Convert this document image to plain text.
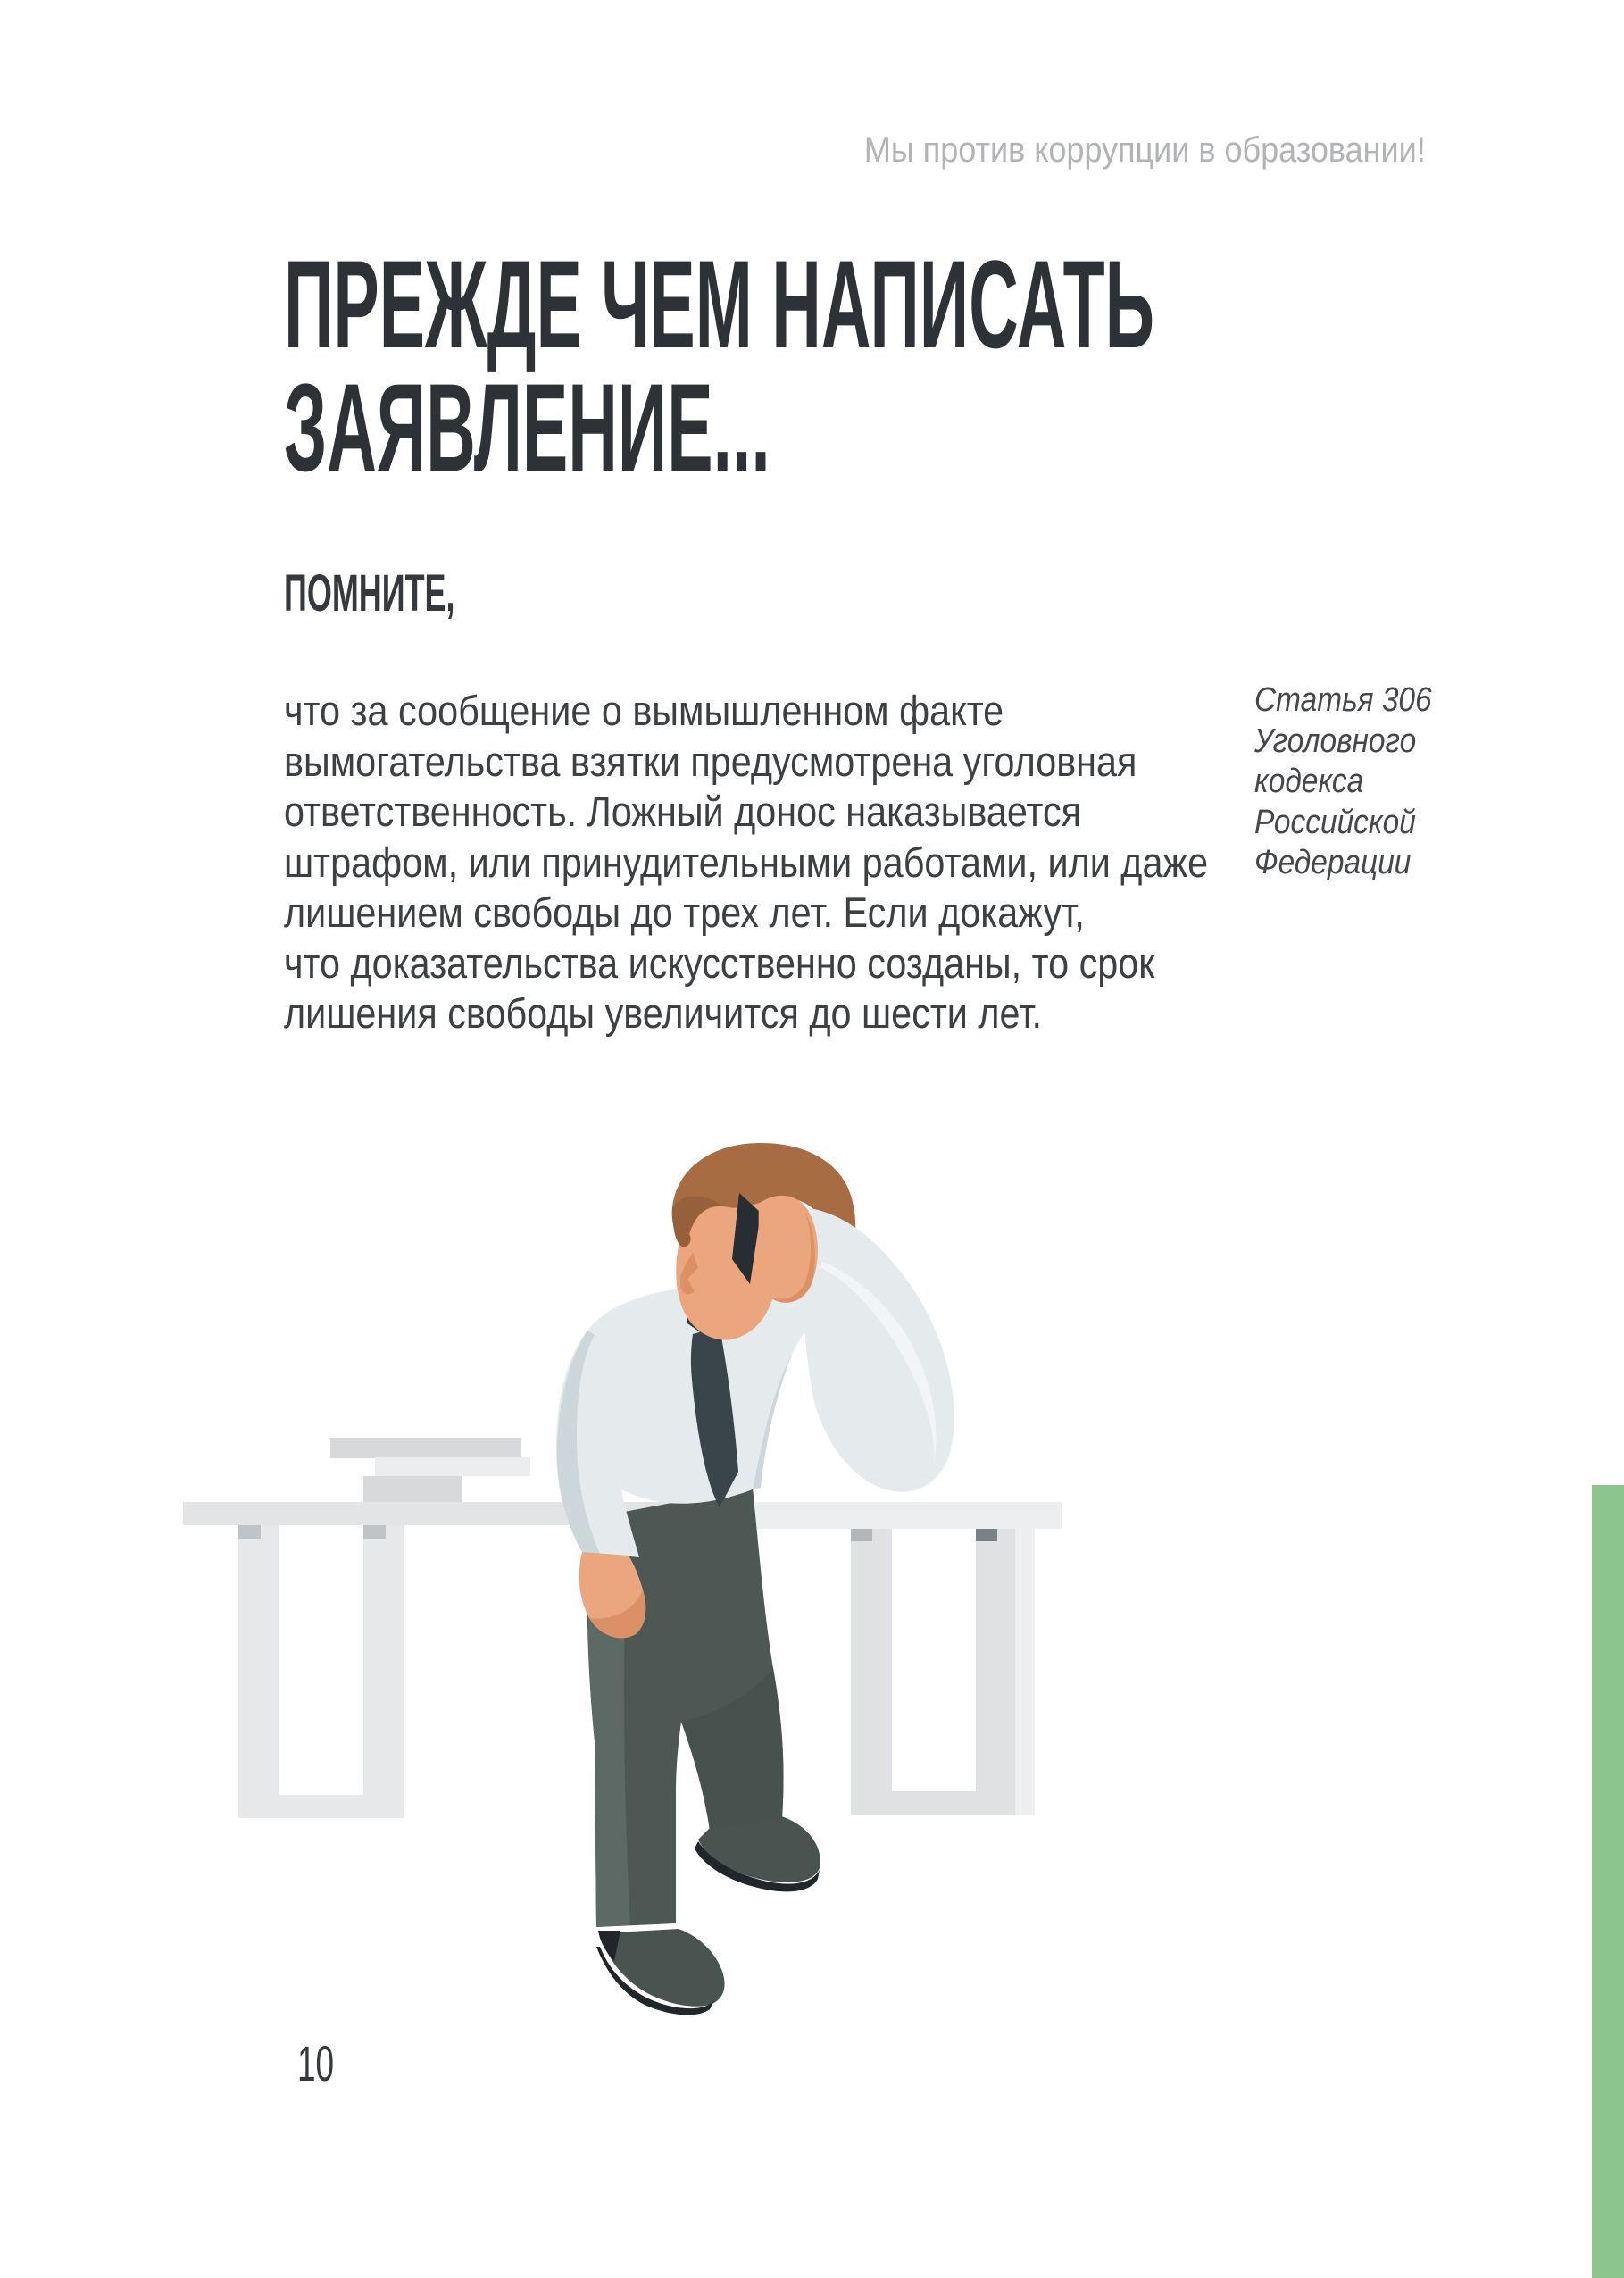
Мы против коррупции в образовании!
ПРЕЖДЕ ЧЕМ НАПИСАТЬ
ЗАЯВЛЕНИЕ...
ПОМНИТЕ,
что за сообщение о вымышленном факте
вымогательства взятки предусмотрена уголовная
ответственность. Ложный донос наказывается
штрафом, или принудительными работами, или даже
лишением свободы до трех лет. Если докажут,
что доказательства искусственно созданы, то срок
лишения свободы увеличится до шести лет.
Статья 306
Уголовного
кодекса
Российской
Федерации
10
